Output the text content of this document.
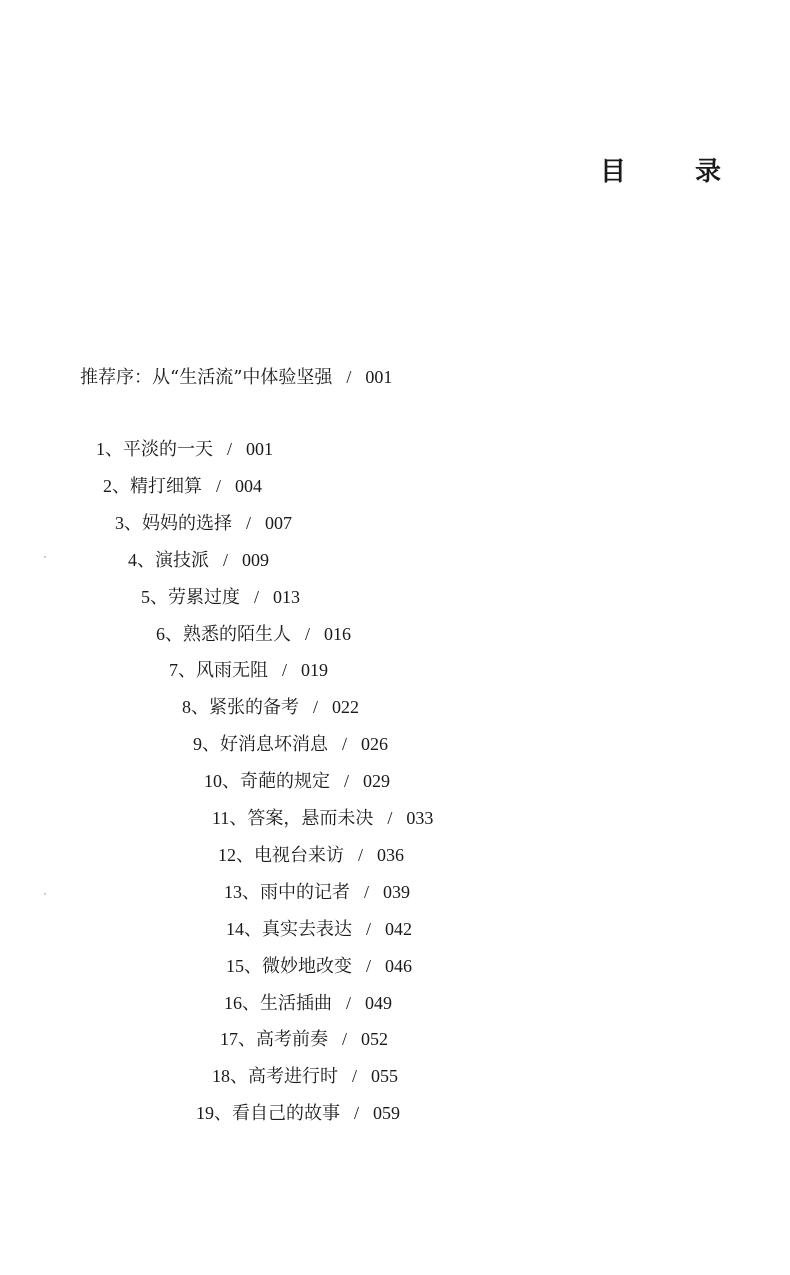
目 录
推荐序：从“生活流”中体验坚强 / 001
1、平淡的一天 / 001
2、精打细算 / 004
3、妈妈的选择 / 007
4、演技派 / 009
5、劳累过度 / 013
6、熟悉的陌生人 / 016
7、风雨无阻 / 019
8、紧张的备考 / 022
9、好消息坏消息 / 026
10、奇葩的规定 / 029
11、答案，悬而未决 / 033
12、电视台来访 / 036
13、雨中的记者 / 039
14、真实去表达 / 042
15、微妙地改变 / 046
16、生活插曲 / 049
17、高考前奏 / 052
18、高考进行时 / 055
19、看自己的故事 / 059
